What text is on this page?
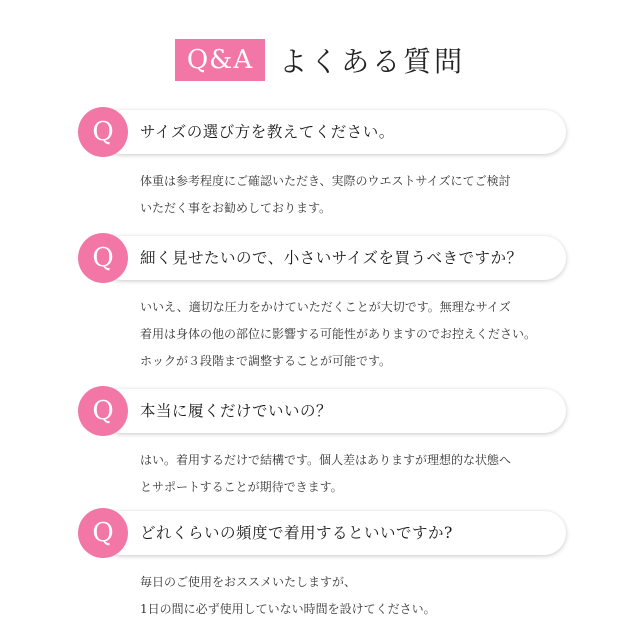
Q&A よくある質問
Q	サイズの選び方を教えてください。
体重は参考程度にご確認いただき、実際のウエストサイズにてご検討
いただく事をお勧めしております。
Q	細く見せたいので、小さいサイズを買うべきですか？
いいえ、適切な圧力をかけていただくことが大切です。無理なサイズ
着用は身体の他の部位に影響する可能性がありますのでお控えください。
ホックが３段階まで調整することが可能です。
Q	本当に履くだけでいいの？
はい。着用するだけで結構です。個人差はありますが理想的な状態へ
とサポートすることが期待できます。
Q	どれくらいの頻度で着用するといいですか?
毎日のご使用をおススメいたしますが、
1日の間に必ず使用していない時間を設けてください。
